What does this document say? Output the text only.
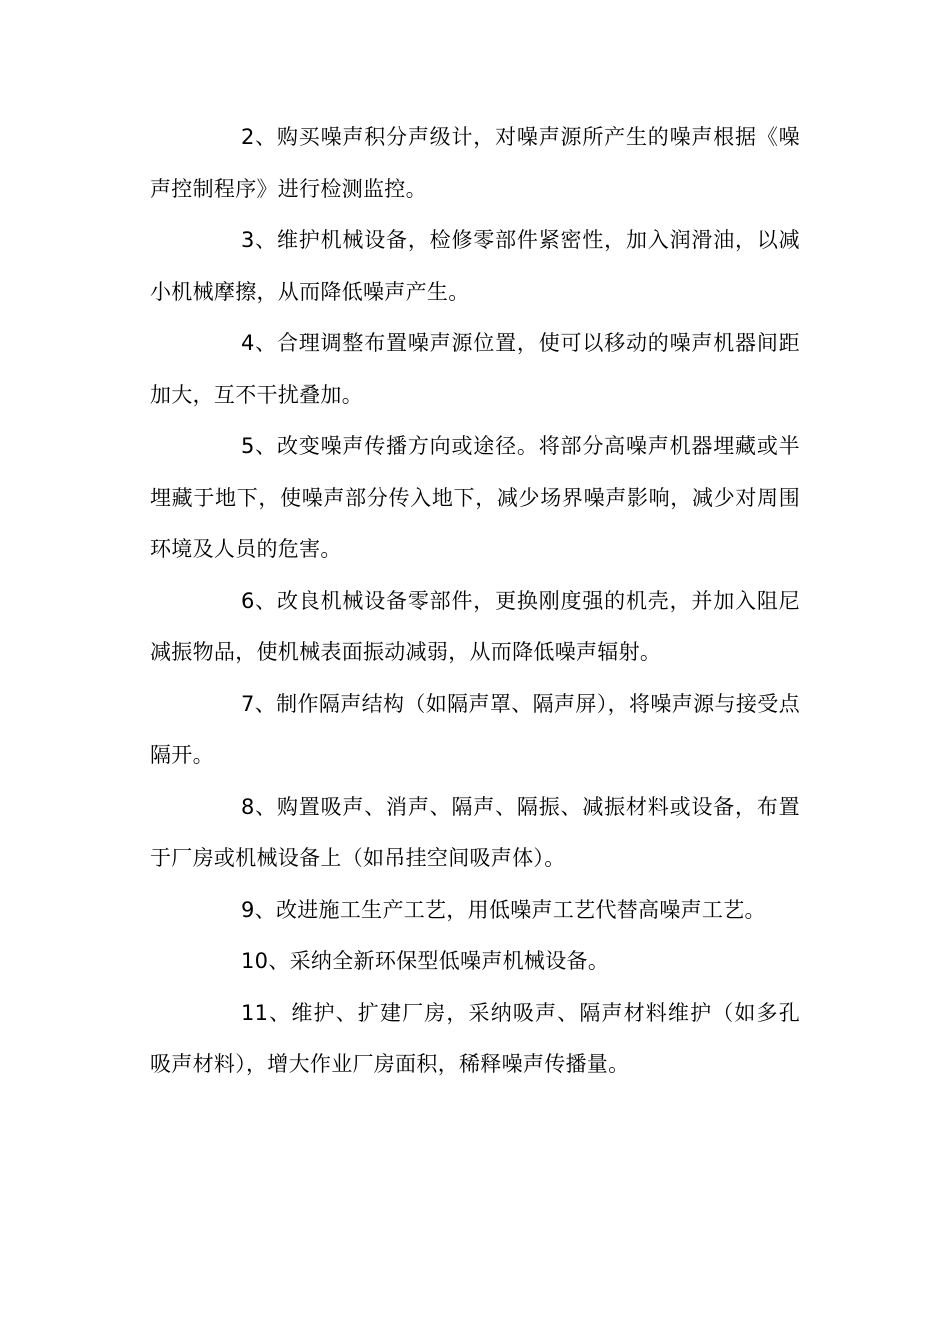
2、购买噪声积分声级计，对噪声源所产生的噪声根据《噪声控制程序》进行检测监控。

3、维护机械设备，检修零部件紧密性，加入润滑油，以减小机械摩擦，从而降低噪声产生。

4、合理调整布置噪声源位置，使可以移动的噪声机器间距加大，互不干扰叠加。

5、改变噪声传播方向或途径。将部分高噪声机器埋藏或半埋藏于地下，使噪声部分传入地下，减少场界噪声影响，减少对周围环境及人员的危害。

6、改良机械设备零部件，更换刚度强的机壳，并加入阻尼减振物品，使机械表面振动减弱，从而降低噪声辐射。

7、制作隔声结构（如隔声罩、隔声屏），将噪声源与接受点隔开。

8、购置吸声、消声、隔声、隔振、减振材料或设备，布置于厂房或机械设备上（如吊挂空间吸声体）。

9、改进施工生产工艺，用低噪声工艺代替高噪声工艺。

10、采纳全新环保型低噪声机械设备。

11、维护、扩建厂房，采纳吸声、隔声材料维护（如多孔吸声材料），增大作业厂房面积，稀释噪声传播量。
